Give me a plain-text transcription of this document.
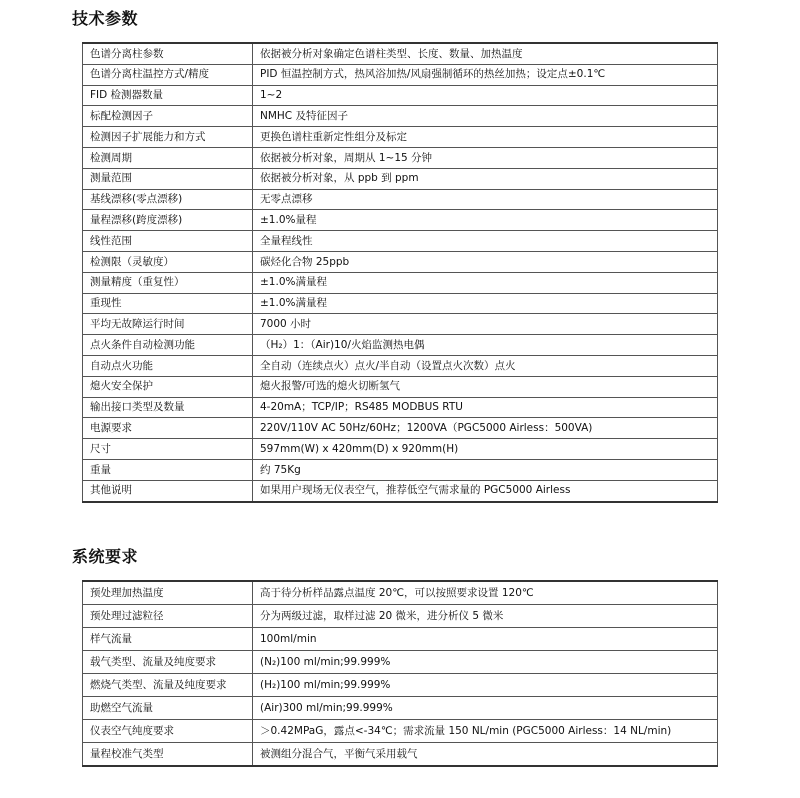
技术参数
色谱分离柱参数	依据被分析对象确定色谱柱类型、长度、数量、加热温度
色谱分离柱温控方式/精度	PID 恒温控制方式，热风浴加热/风扇强制循环的热丝加热；设定点±0.1℃
FID 检测器数量	1~2
标配检测因子	NMHC 及特征因子
检测因子扩展能力和方式	更换色谱柱重新定性组分及标定
检测周期	依据被分析对象，周期从 1~15 分钟
测量范围	依据被分析对象，从 ppb 到 ppm
基线漂移(零点漂移)	无零点漂移
量程漂移(跨度漂移)	±1.0%量程
线性范围	全量程线性
检测限（灵敏度）	碳烃化合物 25ppb
测量精度（重复性）	±1.0%满量程
重现性	±1.0%满量程
平均无故障运行时间	7000 小时
点火条件自动检测功能	（H₂）1：（Air)10/火焰监测热电偶
自动点火功能	全自动（连续点火）点火/半自动（设置点火次数）点火
熄火安全保护	熄火报警/可选的熄火切断氢气
输出接口类型及数量	4-20mA；TCP/IP；RS485 MODBUS RTU
电源要求	220V/110V AC 50Hz/60Hz；1200VA（PGC5000 Airless：500VA)
尺寸	597mm(W) x 420mm(D) x 920mm(H)
重量	约 75Kg
其他说明	如果用户现场无仪表空气，推荐低空气需求量的 PGC5000 Airless
系统要求
预处理加热温度	高于待分析样品露点温度 20℃，可以按照要求设置 120℃
预处理过滤粒径	分为两级过滤，取样过滤 20 微米，进分析仪 5 微米
样气流量	100ml/min
载气类型、流量及纯度要求	(N₂)100 ml/min;99.999%
燃烧气类型、流量及纯度要求	(H₂)100 ml/min;99.999%
助燃空气流量	(Air)300 ml/min;99.999%
仪表空气纯度要求	＞0.42MPaG，露点<-34℃；需求流量 150 NL/min (PGC5000 Airless：14 NL/min)
量程校准气类型	被测组分混合气，平衡气采用载气
